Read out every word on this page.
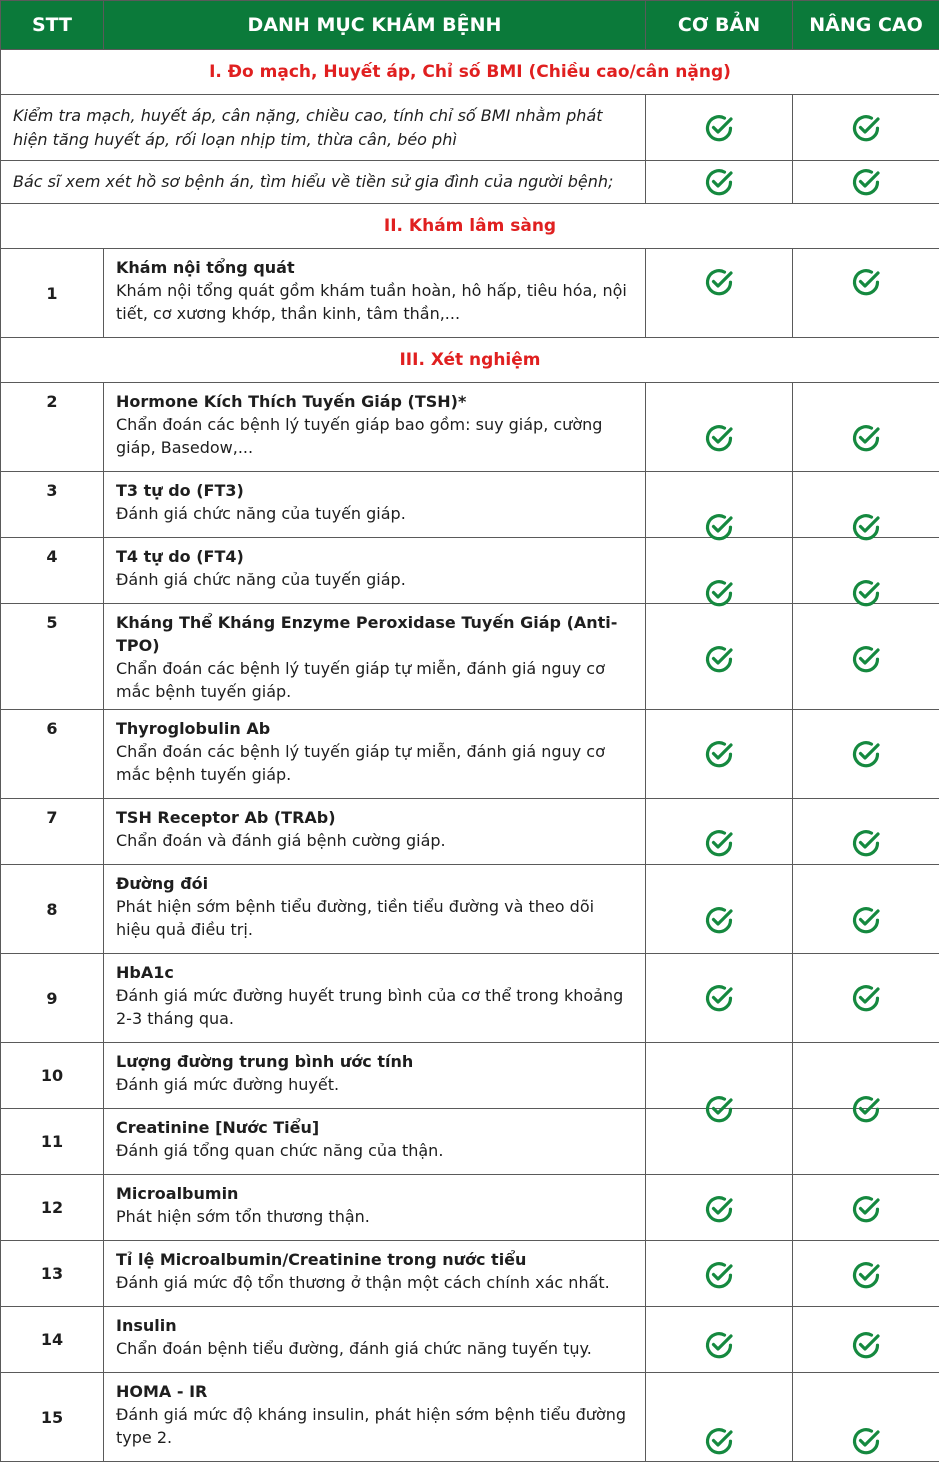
STT	DANH MỤC KHÁM BỆNH	CƠ BẢN	NÂNG CAO
I. Đo mạch, Huyết áp, Chỉ số BMI (Chiều cao/cân nặng)			
Kiểm tra mạch, huyết áp, cân nặng, chiều cao, tính chỉ số BMI nhằm phát hiện tăng huyết áp, rối loạn nhịp tim, thừa cân, béo phì	

Bác sĩ xem xét hồ sơ bệnh án, tìm hiểu về tiền sử gia đình của người bệnh;	

II. Khám lâm sàng			
1	Khám nội tổng quát
Khám nội tổng quát gồm khám tuần hoàn, hô hấp, tiêu hóa, nội tiết, cơ xương khớp, thần kinh, tâm thần,...

III. Xét nghiệm			
2	Hormone Kích Thích Tuyến Giáp (TSH)*
Chẩn đoán các bệnh lý tuyến giáp bao gồm: suy giáp, cường giáp, Basedow,...

3	T3 tự do (FT3)
Đánh giá chức năng của tuyến giáp.

4	T4 tự do (FT4)
Đánh giá chức năng của tuyến giáp.

5	Kháng Thể Kháng Enzyme Peroxidase Tuyến Giáp (Anti-TPO)
Chẩn đoán các bệnh lý tuyến giáp tự miễn, đánh giá nguy cơ mắc bệnh tuyến giáp.

6	Thyroglobulin Ab
Chẩn đoán các bệnh lý tuyến giáp tự miễn, đánh giá nguy cơ mắc bệnh tuyến giáp.

7	TSH Receptor Ab (TRAb)
Chẩn đoán và đánh giá bệnh cường giáp.

8	Đường đói
Phát hiện sớm bệnh tiểu đường, tiền tiểu đường và theo dõi hiệu quả điều trị.

9	HbA1c
Đánh giá mức đường huyết trung bình của cơ thể trong khoảng 2-3 tháng qua.

10	Lượng đường trung bình ước tính
Đánh giá mức đường huyết.

11	Creatinine [Nước Tiểu]
Đánh giá tổng quan chức năng của thận.		

12	Microalbumin
Phát hiện sớm tổn thương thận.

13	Tỉ lệ Microalbumin/Creatinine trong nước tiểu
Đánh giá mức độ tổn thương ở thận một cách chính xác nhất.

14	Insulin
Chẩn đoán bệnh tiểu đường, đánh giá chức năng tuyến tụy.

15	HOMA - IR
Đánh giá mức độ kháng insulin, phát hiện sớm bệnh tiểu đường type 2.
